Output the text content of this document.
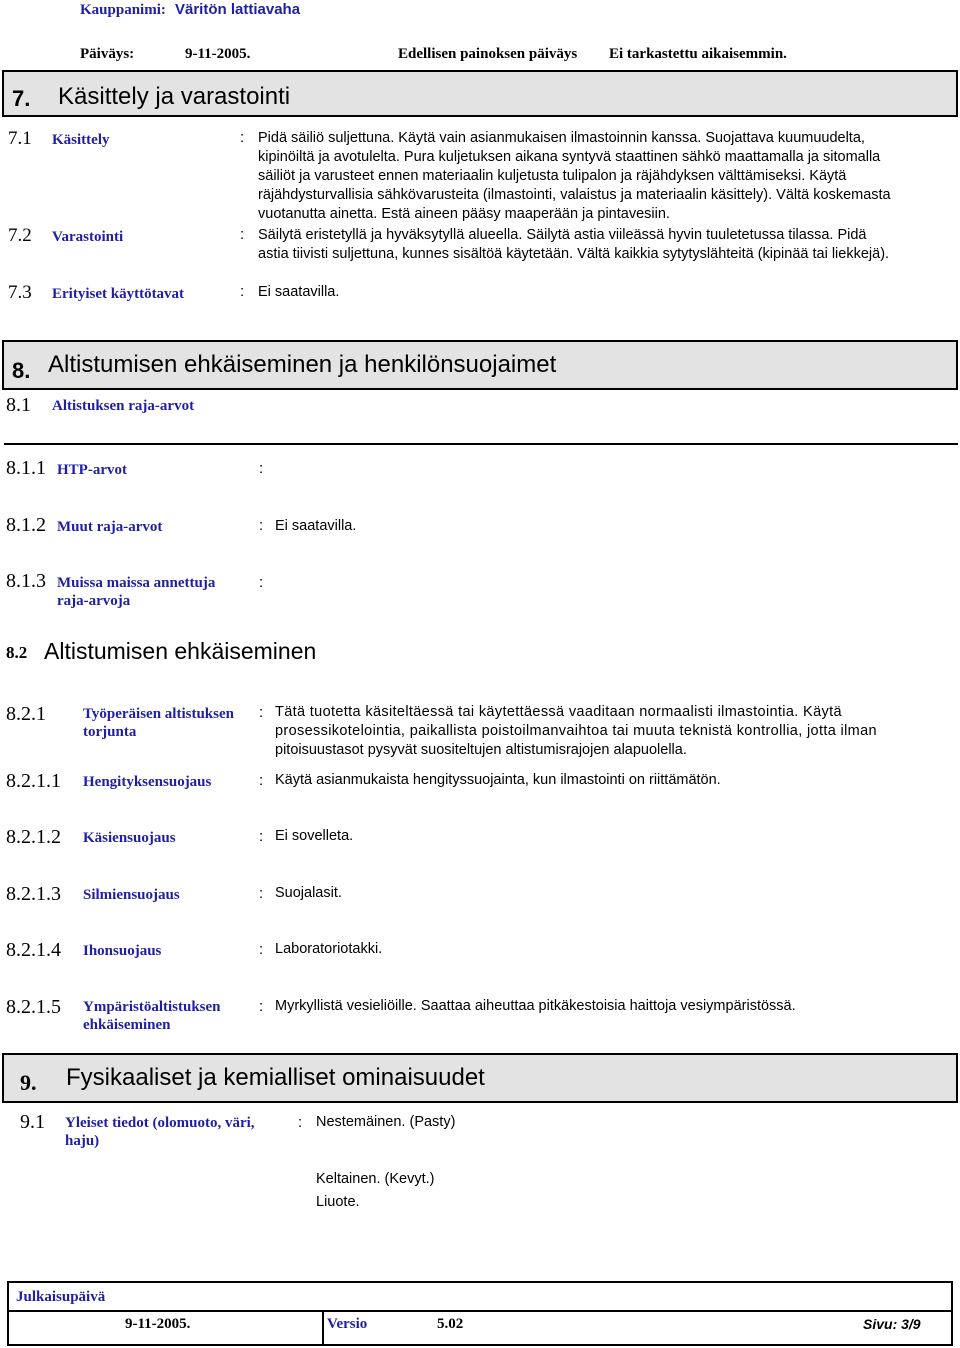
Kauppanimi: Väritön lattiavaha
Päiväys:	9-11-2005.	Edellisen painoksen päiväys Ei tarkastettu aikaisemmin.
7. Käsittely ja varastointi
7.1 Käsittely	: Pidä säiliö suljettuna. Käytä vain asianmukaisen ilmastoinnin kanssa. Suojattava kuumuudelta,
kipinöiltä ja avotulelta. Pura kuljetuksen aikana syntyvä staattinen sähkö maattamalla ja sitomalla
säiliöt ja varusteet ennen materiaalin kuljetusta tulipalon ja räjähdyksen välttämiseksi. Käytä
räjähdysturvallisia sähkövarusteita (ilmastointi, valaistus ja materiaalin käsittely). Vältä koskemasta
vuotanutta ainetta. Estä aineen pääsy maaperään ja pintavesiin.
7.2 Varastointi	: Säilytä eristetyllä ja hyväksytyllä alueella. Säilytä astia viileässä hyvin tuuletetussa tilassa. Pidä
astia tiivisti suljettuna, kunnes sisältöä käytetään. Vältä kaikkia sytytyslähteitä (kipinää tai liekkejä).
7.3 Erityiset käyttötavat	: Ei saatavilla.
8. Altistumisen ehkäiseminen ja henkilönsuojaimet
8.1 Altistuksen raja-arvot
8.1.1 HTP-arvot	:
8.1.2 Muut raja-arvot	: Ei saatavilla.
8.1.3 Muissa maissa annettuja
raja-arvoja
:
8.2 Altistumisen ehkäiseminen
8.2.1 Työperäisen altistuksen
torjunta
: Tätä tuotetta käsiteltäessä tai käytettäessä vaaditaan normaalisti ilmastointia. Käytä
prosessikotelointia, paikallista poistoilmanvaihtoa tai muuta teknistä kontrollia, jotta ilman
pitoisuustasot pysyvät suositeltujen altistumisrajojen alapuolella.
8.2.1.1 Hengityksensuojaus	: Käytä asianmukaista hengityssuojainta, kun ilmastointi on riittämätön.
8.2.1.2 Käsiensuojaus	: Ei sovelleta.
8.2.1.3 Silmiensuojaus	: Suojalasit.
8.2.1.4 Ihonsuojaus	: Laboratoriotakki.
8.2.1.5 Ympäristöaltistuksen
ehkäiseminen
: Myrkyllistä vesieliöille. Saattaa aiheuttaa pitkäkestoisia haittoja vesiympäristössä.
9. Fysikaaliset ja kemialliset ominaisuudet
9.1 Yleiset tiedot (olomuoto, väri,
haju)
: Nestemäinen. (Pasty)
Keltainen. (Kevyt.)
Liuote.
Julkaisupäivä
9-11-2005.	Versio	5.02	Sivu: 3/9
